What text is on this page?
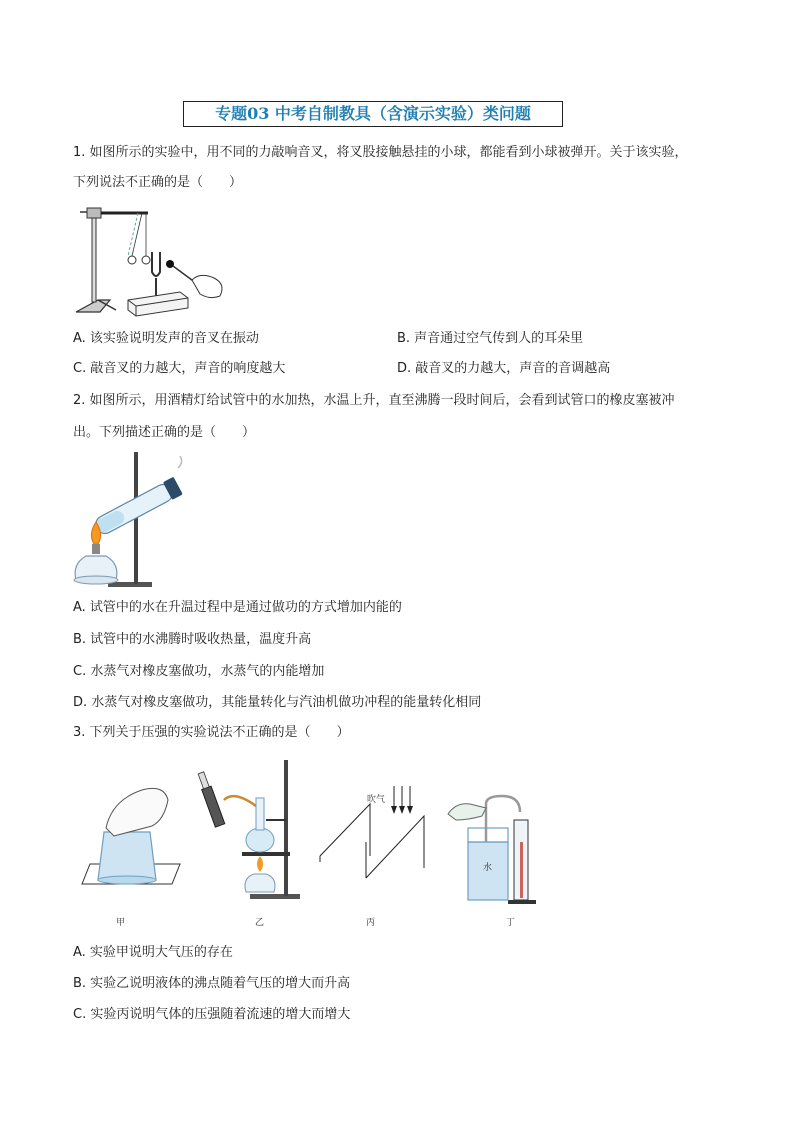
专题03 中考自制教具（含演示实验）类问题
1. 如图所示的实验中，用不同的力敲响音叉，将叉股接触悬挂的小球，都能看到小球被弹开。关于该实验，
下列说法不正确的是（　　）
A. 该实验说明发声的音叉在振动	B. 声音通过空气传到人的耳朵里
C. 敲音叉的力越大，声音的响度越大	D. 敲音叉的力越大，声音的音调越高
2. 如图所示，用酒精灯给试管中的水加热，水温上升，直至沸腾一段时间后，会看到试管口的橡皮塞被冲
出。下列描述正确的是（　　）
A. 试管中的水在升温过程中是通过做功的方式增加内能的
B. 试管中的水沸腾时吸收热量，温度升高
C. 水蒸气对橡皮塞做功，水蒸气的内能增加
D. 水蒸气对橡皮塞做功，其能量转化与汽油机做功冲程的能量转化相同
3. 下列关于压强的实验说法不正确的是（　　）
甲	乙
吹气
丙
水
丁
A. 实验甲说明大气压的存在
B. 实验乙说明液体的沸点随着气压的增大而升高
C. 实验丙说明气体的压强随着流速的增大而增大
